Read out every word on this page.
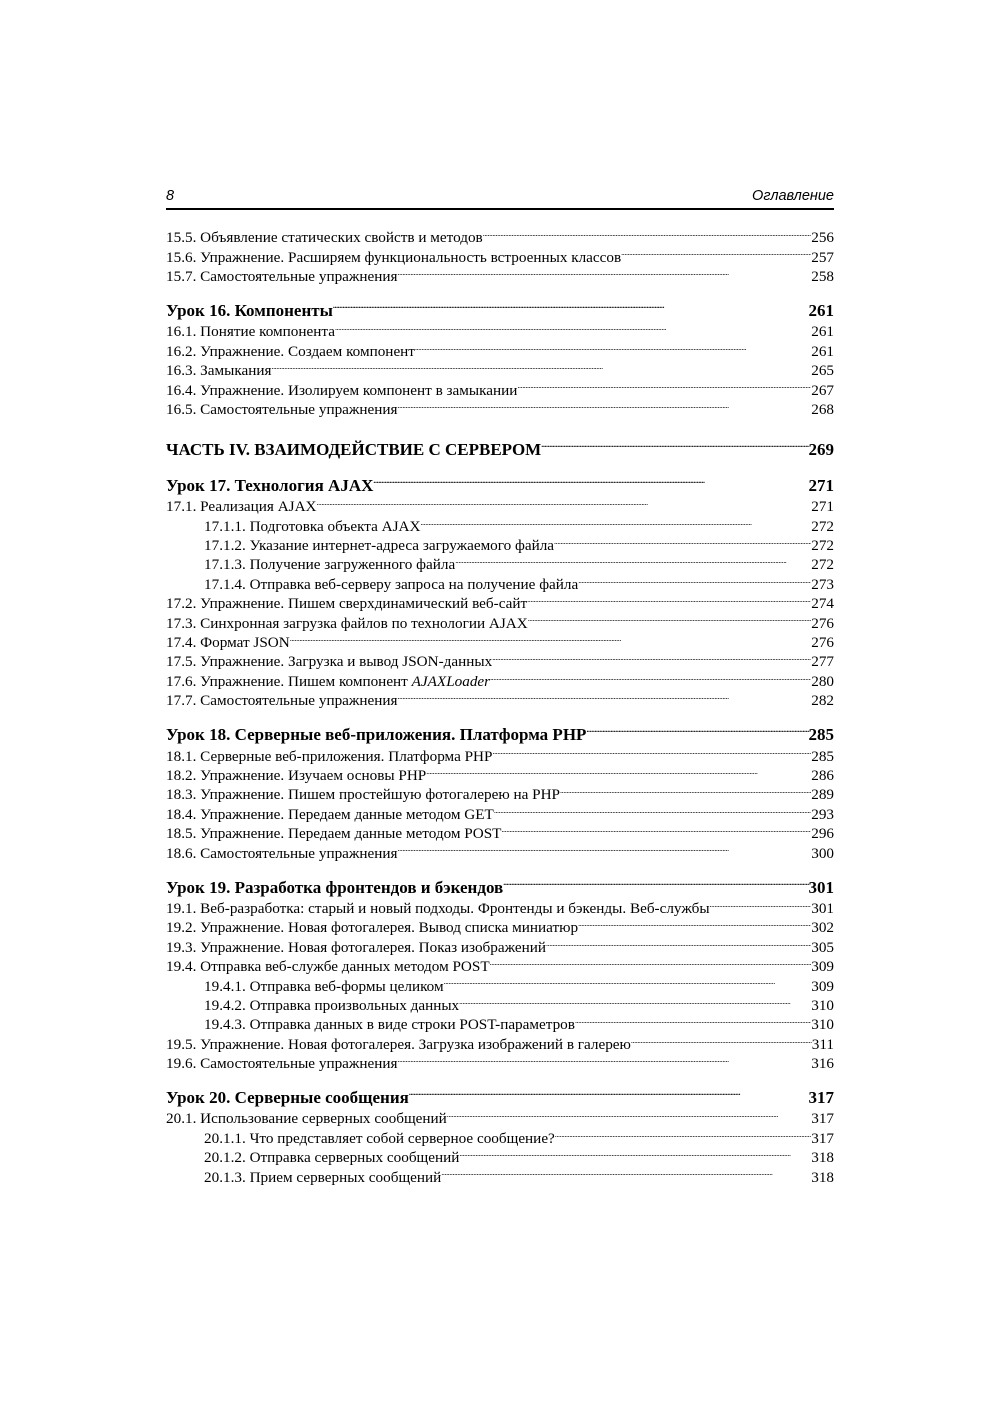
8	Оглавление
15.5. Объявление статических свойств и методов . . .	256
15.6. Упражнение. Расширяем функциональность встроенных классов . . .	257
15.7. Самостоятельные упражнения . . .	258
Урок 16. Компоненты . . .	261
16.1. Понятие компонента . . .	261
16.2. Упражнение. Создаем компонент . . .	261
16.3. Замыкания . . .	265
16.4. Упражнение. Изолируем компонент в замыкании . . .	267
16.5. Самостоятельные упражнения . . .	268
ЧАСТЬ IV. ВЗАИМОДЕЙСТВИЕ С СЕРВЕРОМ . . .	269
Урок 17. Технология AJAX . . .	271
17.1. Реализация AJAX . . .	271
17.1.1. Подготовка объекта AJAX . . .	272
17.1.2. Указание интернет-адреса загружаемого файла . . .	272
17.1.3. Получение загруженного файла . . .	272
17.1.4. Отправка веб-серверу запроса на получение файла . . .	273
17.2. Упражнение. Пишем сверхдинамический веб-сайт . . .	274
17.3. Синхронная загрузка файлов по технологии AJAX . . .	276
17.4. Формат JSON . . .	276
17.5. Упражнение. Загрузка и вывод JSON-данных . . .	277
17.6. Упражнение. Пишем компонент AJAXLoader . . .	280
17.7. Самостоятельные упражнения . . .	282
Урок 18. Серверные веб-приложения. Платформа PHP . . .	285
18.1. Серверные веб-приложения. Платформа PHP . . .	285
18.2. Упражнение. Изучаем основы PHP . . .	286
18.3. Упражнение. Пишем простейшую фотогалерею на PHP . . .	289
18.4. Упражнение. Передаем данные методом GET . . .	293
18.5. Упражнение. Передаем данные методом POST . . .	296
18.6. Самостоятельные упражнения . . .	300
Урок 19. Разработка фронтендов и бэкендов . . .	301
19.1. Веб-разработка: старый и новый подходы. Фронтенды и бэкенды. Веб-службы . . .	301
19.2. Упражнение. Новая фотогалерея. Вывод списка миниатюр . . .	302
19.3. Упражнение. Новая фотогалерея. Показ изображений . . .	305
19.4. Отправка веб-службе данных методом POST . . .	309
19.4.1. Отправка веб-формы целиком . . .	309
19.4.2. Отправка произвольных данных . . .	310
19.4.3. Отправка данных в виде строки POST-параметров . . .	310
19.5. Упражнение. Новая фотогалерея. Загрузка изображений в галерею . . .	311
19.6. Самостоятельные упражнения . . .	316
Урок 20. Серверные сообщения . . .	317
20.1. Использование серверных сообщений . . .	317
20.1.1. Что представляет собой серверное сообщение? . . .	317
20.1.2. Отправка серверных сообщений . . .	318
20.1.3. Прием серверных сообщений . . .	318
